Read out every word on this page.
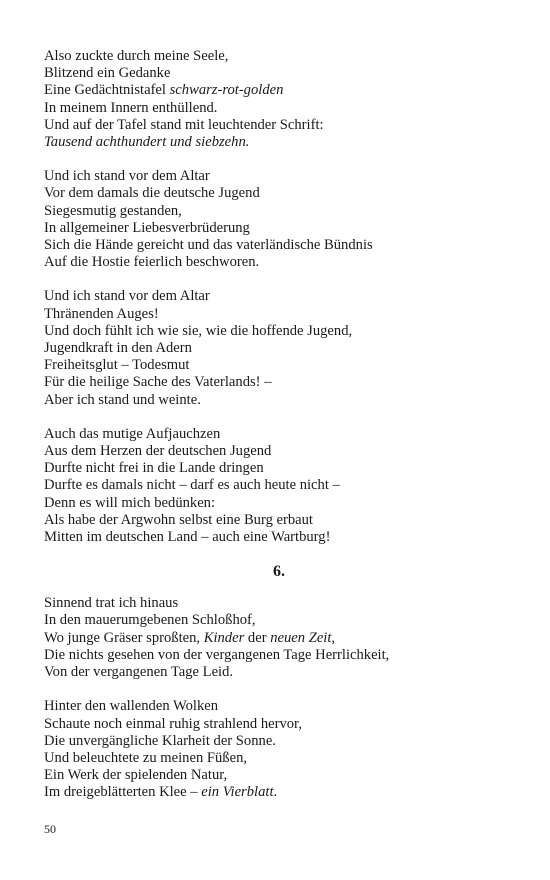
Also zuckte durch meine Seele,
Blitzend ein Gedanke
Eine Gedächtnistafel schwarz-rot-golden
In meinem Innern enthüllend.
Und auf der Tafel stand mit leuchtender Schrift:
Tausend achthundert und siebzehn.
Und ich stand vor dem Altar
Vor dem damals die deutsche Jugend
Siegesmutig gestanden,
In allgemeiner Liebesverbrüderung
Sich die Hände gereicht und das vaterländische Bündnis
Auf die Hostie feierlich beschworen.
Und ich stand vor dem Altar
Thränenden Auges!
Und doch fühlt ich wie sie, wie die hoffende Jugend,
Jugendkraft in den Adern
Freiheitsglut – Todesmut
Für die heilige Sache des Vaterlands! –
Aber ich stand und weinte.
Auch das mutige Aufjauchzen
Aus dem Herzen der deutschen Jugend
Durfte nicht frei in die Lande dringen
Durfte es damals nicht – darf es auch heute nicht –
Denn es will mich bedünken:
Als habe der Argwohn selbst eine Burg erbaut
Mitten im deutschen Land – auch eine Wartburg!
6.
Sinnend trat ich hinaus
In den mauerumgebenen Schloßhof,
Wo junge Gräser sproßten, Kinder der neuen Zeit,
Die nichts gesehen von der vergangenen Tage Herrlichkeit,
Von der vergangenen Tage Leid.
Hinter den wallenden Wolken
Schaute noch einmal ruhig strahlend hervor,
Die unvergängliche Klarheit der Sonne.
Und beleuchtete zu meinen Füßen,
Ein Werk der spielenden Natur,
Im dreigeblätterten Klee – ein Vierblatt.
50
